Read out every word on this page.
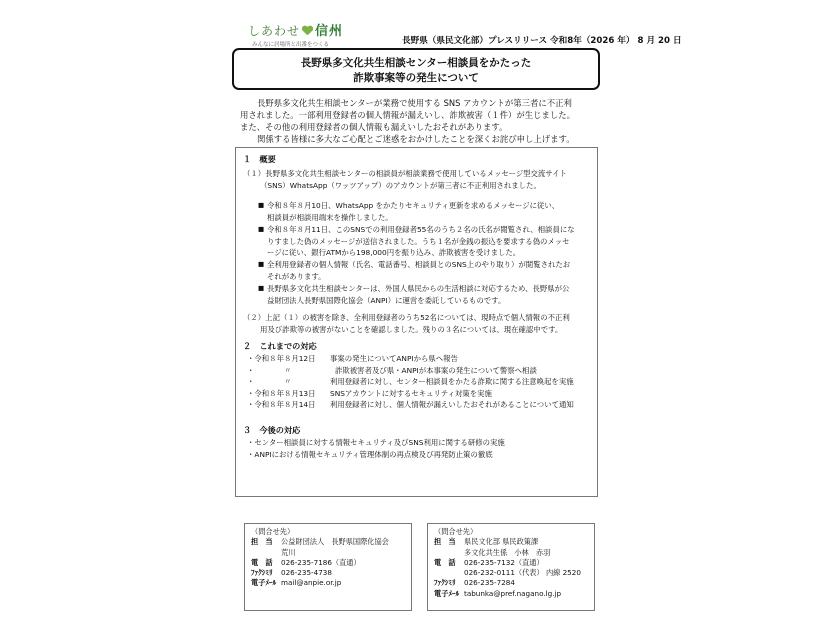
しあわせ 信州
みんなに居場所と出番をつくる	長野県（県民文化部）プレスリリース 令和8年（2026 年） 8 月 20 日
長野県多文化共生相談センター相談員をかたった
詐欺事案等の発生について

長野県多文化共生相談センターが業務で使用する SNS アカウントが第三者に不正利

用されました。一部利用登録者の個人情報が漏えいし、詐欺被害（１件）が生じました。

また、その他の利用登録者の個人情報も漏えいしたおそれがあります。

関係する皆様に多大なご心配とご迷惑をおかけしたことを深くお詫び申し上げます。

１　概要
（１）長野県多文化共生相談センターの相談員が相談業務で使用しているメッセージ型交流サイト
（SNS）WhatsApp（ワッツアップ）のアカウントが第三者に不正利用されました。
■ 令和８年８月10日、WhatsApp をかたりセキュリティ更新を求めるメッセージに従い、
相談員が相談用端末を操作しました。
■ 令和８年８月11日、このSNSでの利用登録者55名のうち２名の氏名が閲覧され、相談員にな
りすました偽のメッセージが送信されました。うち１名が金銭の振込を要求する偽のメッセ
ージに従い、銀行ATMから198,000円を振り込み、詐欺被害を受けました。
■ 全利用登録者の個人情報（氏名、電話番号、相談員とのSNS上のやり取り）が閲覧されたお
それがあります。
■ 長野県多文化共生相談センターは、外国人県民からの生活相談に対応するため、長野県が公
益財団法人長野県国際化協会（ANPI）に運営を委託しているものです。
（２）上記（１）の被害を除き、全利用登録者のうち52名については、現時点で個人情報の不正利
用及び詐欺等の被害がないことを確認しました。残りの３名については、現在確認中です。
２　これまでの対応
・令和８年８月12日 事案の発生についてANPIから県へ報告
・　　　　〃	詐欺被害者及び県・ANPIが本事案の発生について警察へ相談
・　　　　〃	利用登録者に対し、センター相談員をかたる詐欺に関する注意喚起を実施
・令和８年８月13日 SNSアカウントに対するセキュリティ対策を実施
・令和８年８月14日 利用登録者に対し、個人情報が漏えいしたおそれがあることについて通知
３　今後の対応
・センター相談員に対する情報セキュリティ及びSNS利用に関する研修の実施
・ANPIにおける情報セキュリティ管理体制の再点検及び再発防止策の徹底
（問合せ先）
担　当	公益財団法人　長野県国際化協会
荒川
電　話	026-235-7186（直通）
ﾌｧｸｼﾐﾘ	026-235-4738
電子ﾒｰﾙ mail@anpie.or.jp
（問合せ先）
担　当	県民文化部 県民政策課
多文化共生係　小林　赤羽
電　話	026-235-7132（直通）
026-232-0111（代表） 内線 2520
ﾌｧｸｼﾐﾘ	026-235-7284
電子ﾒｰﾙ tabunka@pref.nagano.lg.jp
